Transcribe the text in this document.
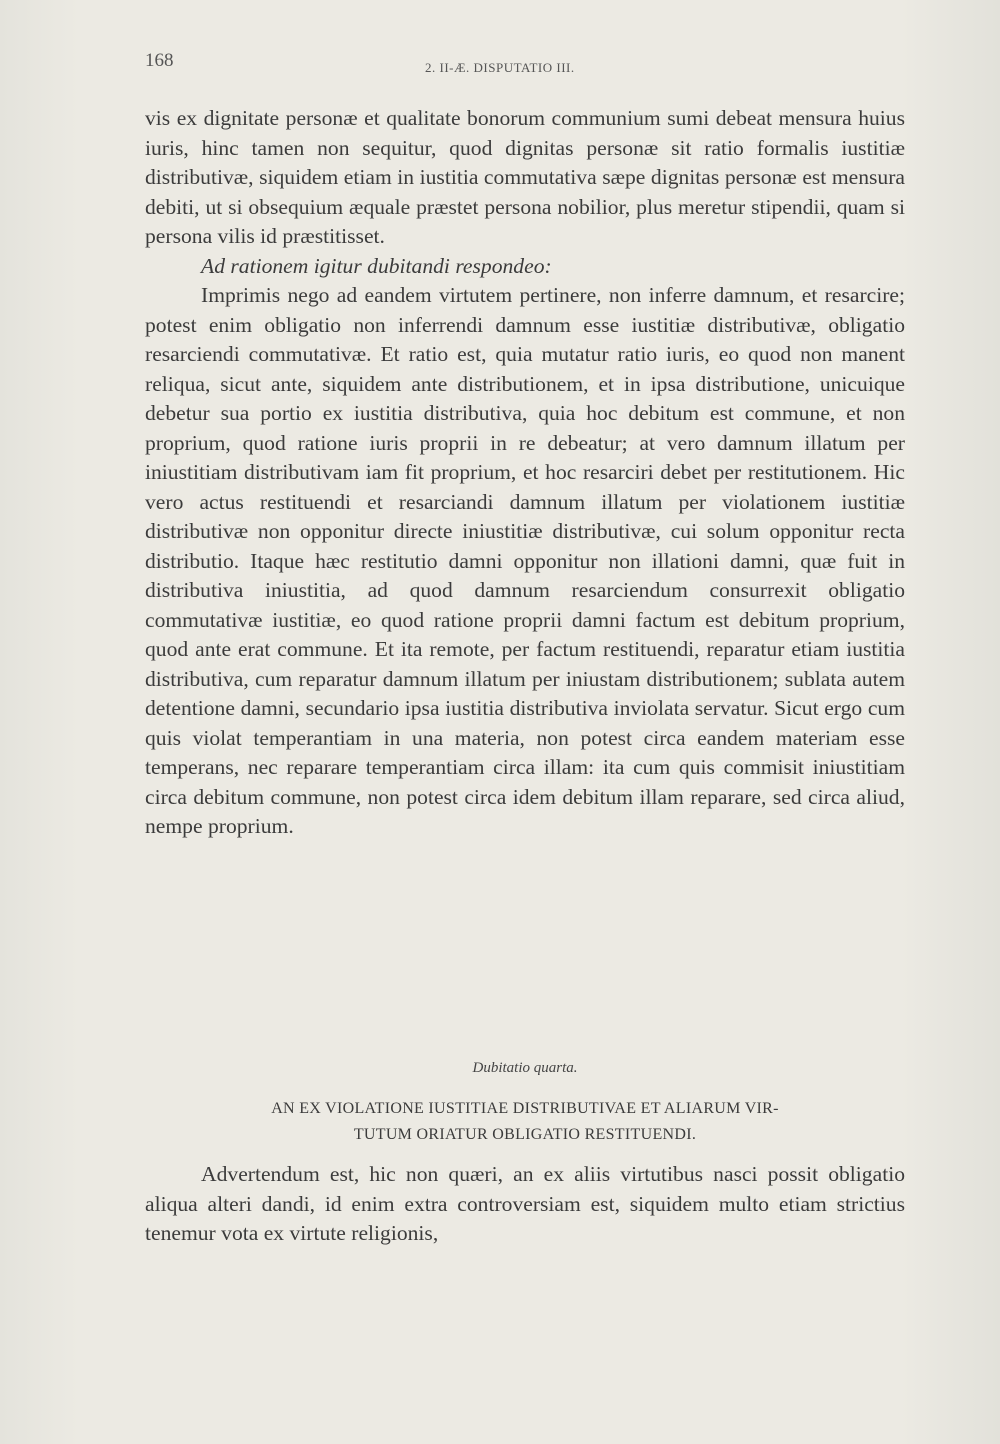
168	2. II-Æ. DISPUTATIO III.

vis ex dignitate personæ et qualitate bonorum communium sumi debeat mensura huius iuris, hinc tamen non sequitur, quod dignitas personæ sit ratio formalis iustitiæ distributivæ, siquidem etiam in iustitia commutativa sæpe dignitas personæ est mensura debiti, ut si obsequium æquale præstet persona nobilior, plus meretur stipendii, quam si persona vilis id præstitisset.

Ad rationem igitur dubitandi respondeo:

Imprimis nego ad eandem virtutem pertinere, non inferre damnum, et resarcire; potest enim obligatio non inferrendi damnum esse iustitiæ distributivæ, obligatio resarciendi commutativæ. Et ratio est, quia mutatur ratio iuris, eo quod non manent reliqua, sicut ante, siquidem ante distributionem, et in ipsa distributione, unicuique debetur sua portio ex iustitia distributiva, quia hoc debitum est commune, et non proprium, quod ratione iuris proprii in re debeatur; at vero damnum illatum per iniustitiam distributivam iam fit proprium, et hoc resarciri debet per restitutionem. Hic vero actus restituendi et resarciandi damnum illatum per violationem iustitiæ distributivæ non opponitur directe iniustitiæ distributivæ, cui solum opponitur recta distributio. Itaque hæc restitutio damni opponitur non illationi damni, quæ fuit in distributiva iniustitia, ad quod damnum resarciendum consurrexit obligatio commutativæ iustitiæ, eo quod ratione proprii damni factum est debitum proprium, quod ante erat commune. Et ita remote, per factum restituendi, reparatur etiam iustitia distributiva, cum reparatur damnum illatum per iniustam distributionem; sublata autem detentione damni, secundario ipsa iustitia distributiva inviolata servatur. Sicut ergo cum quis violat temperantiam in una materia, non potest circa eandem materiam esse temperans, nec reparare temperantiam circa illam: ita cum quis commisit iniustitiam circa debitum commune, non potest circa idem debitum illam reparare, sed circa aliud, nempe proprium.

Dubitatio quarta.
AN EX VIOLATIONE IUSTITIAE DISTRIBUTIVAE ET ALIARUM VIR-
TUTUM ORIATUR OBLIGATIO RESTITUENDI.

Advertendum est, hic non quæri, an ex aliis virtutibus nasci possit obligatio aliqua alteri dandi, id enim extra controversiam est, siquidem multo etiam strictius tenemur vota ex virtute religionis,
